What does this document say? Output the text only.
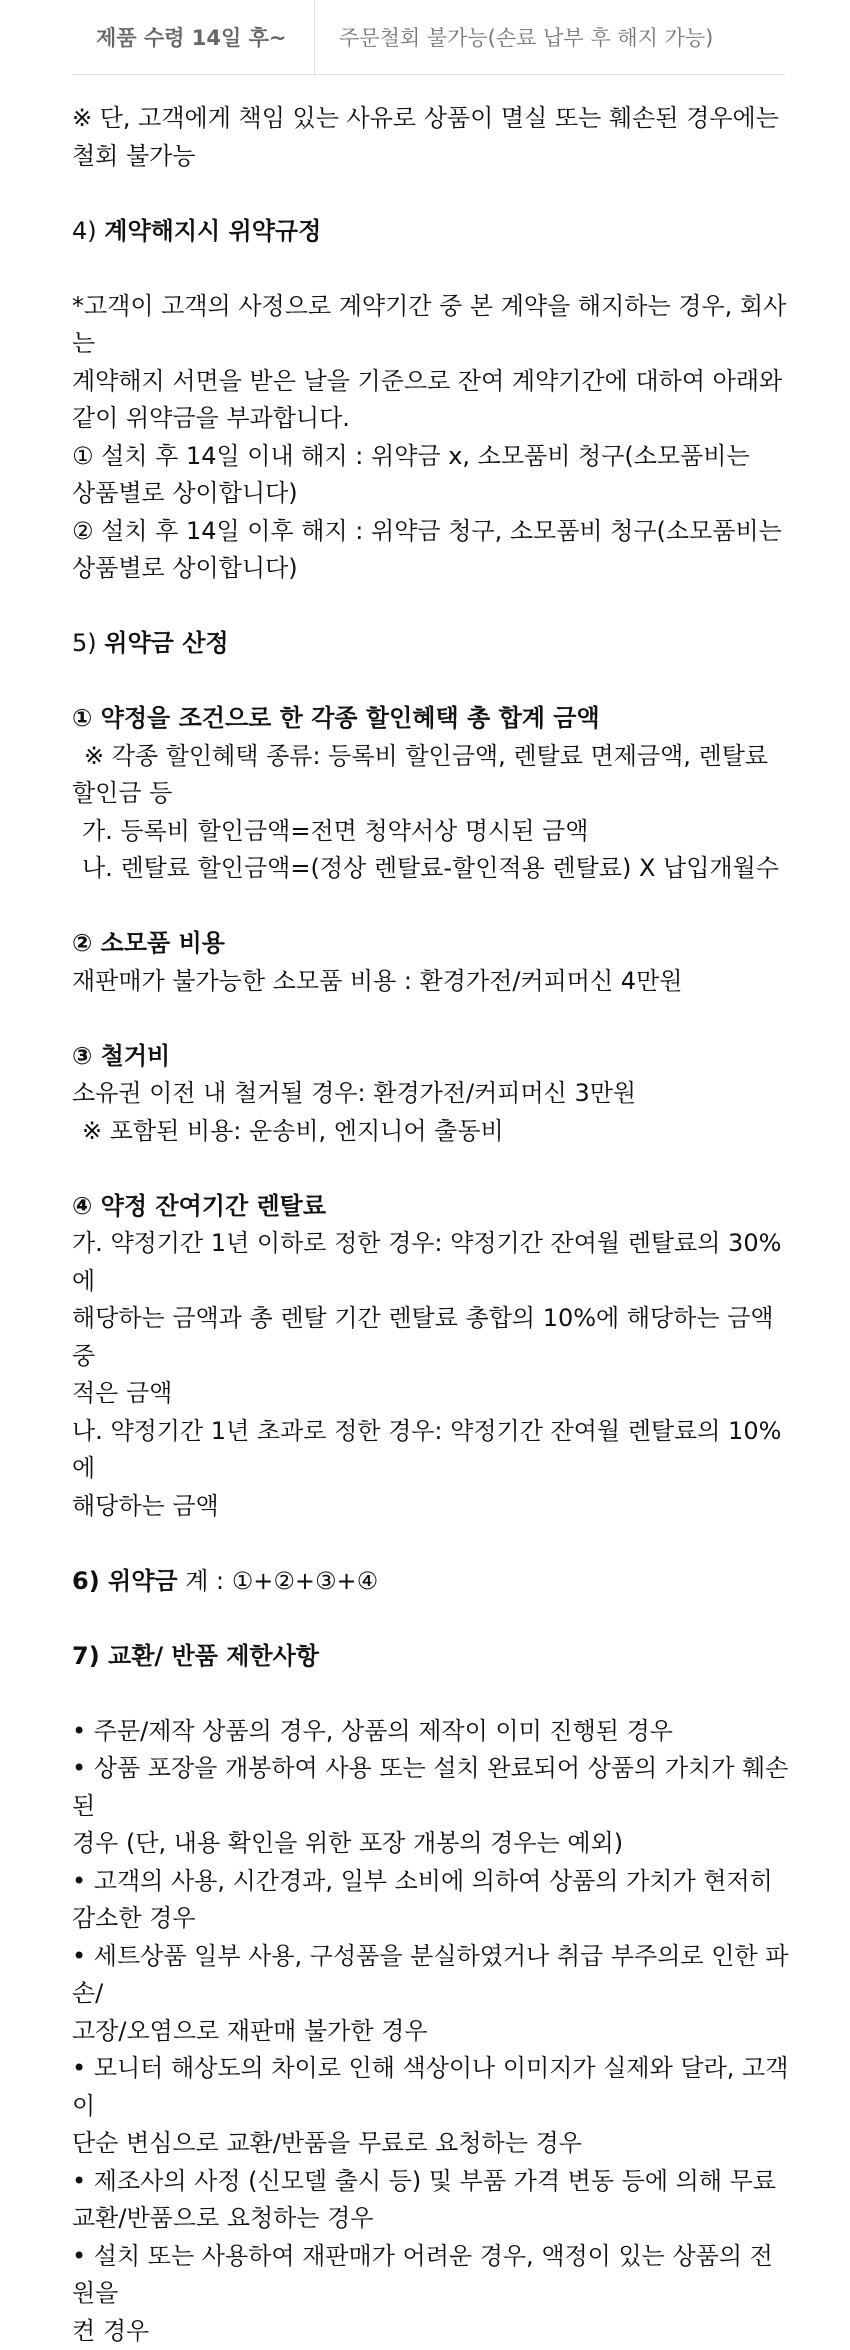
제품 수령 14일 후~	주문철회 불가능(손료 납부 후 해지 가능)

※ 단, 고객에게 책임 있는 사유로 상품이 멸실 또는 훼손된 경우에는

철회 불가능

4) 계약해지시 위약규정

*고객이 고객의 사정으로 계약기간 중 본 계약을 해지하는 경우, 회사는

계약해지 서면을 받은 날을 기준으로 잔여 계약기간에 대하여 아래와

같이 위약금을 부과합니다.

① 설치 후 14일 이내 해지 : 위약금 x, 소모품비 청구(소모품비는

상품별로 상이합니다)

② 설치 후 14일 이후 해지 : 위약금 청구, 소모품비 청구(소모품비는

상품별로 상이합니다)

5) 위약금 산정

① 약정을 조건으로 한 각종 할인혜택 총 합계 금액

※ 각종 할인혜택 종류: 등록비 할인금액, 렌탈료 면제금액, 렌탈료

할인금 등

가. 등록비 할인금액=전면 청약서상 명시된 금액

나. 렌탈료 할인금액=(정상 렌탈료-할인적용 렌탈료) X 납입개월수

② 소모품 비용

재판매가 불가능한 소모품 비용 : 환경가전/커피머신 4만원

③ 철거비

소유권 이전 내 철거될 경우: 환경가전/커피머신 3만원

※ 포함된 비용: 운송비, 엔지니어 출동비

④ 약정 잔여기간 렌탈료

가. 약정기간 1년 이하로 정한 경우: 약정기간 잔여월 렌탈료의 30%에

해당하는 금액과 총 렌탈 기간 렌탈료 총합의 10%에 해당하는 금액 중

적은 금액

나. 약정기간 1년 초과로 정한 경우: 약정기간 잔여월 렌탈료의 10%에

해당하는 금액

6) 위약금 계 : ①+②+③+④

7) 교환/ 반품 제한사항

• 주문/제작 상품의 경우, 상품의 제작이 이미 진행된 경우

• 상품 포장을 개봉하여 사용 또는 설치 완료되어 상품의 가치가 훼손된

경우 (단, 내용 확인을 위한 포장 개봉의 경우는 예외)

• 고객의 사용, 시간경과, 일부 소비에 의하여 상품의 가치가 현저히

감소한 경우

• 세트상품 일부 사용, 구성품을 분실하였거나 취급 부주의로 인한 파손/

고장/오염으로 재판매 불가한 경우

• 모니터 해상도의 차이로 인해 색상이나 이미지가 실제와 달라, 고객이

단순 변심으로 교환/반품을 무료로 요청하는 경우

• 제조사의 사정 (신모델 출시 등) 및 부품 가격 변동 등에 의해 무료

교환/반품으로 요청하는 경우

• 설치 또는 사용하여 재판매가 어려운 경우, 액정이 있는 상품의 전원을

켠 경우
